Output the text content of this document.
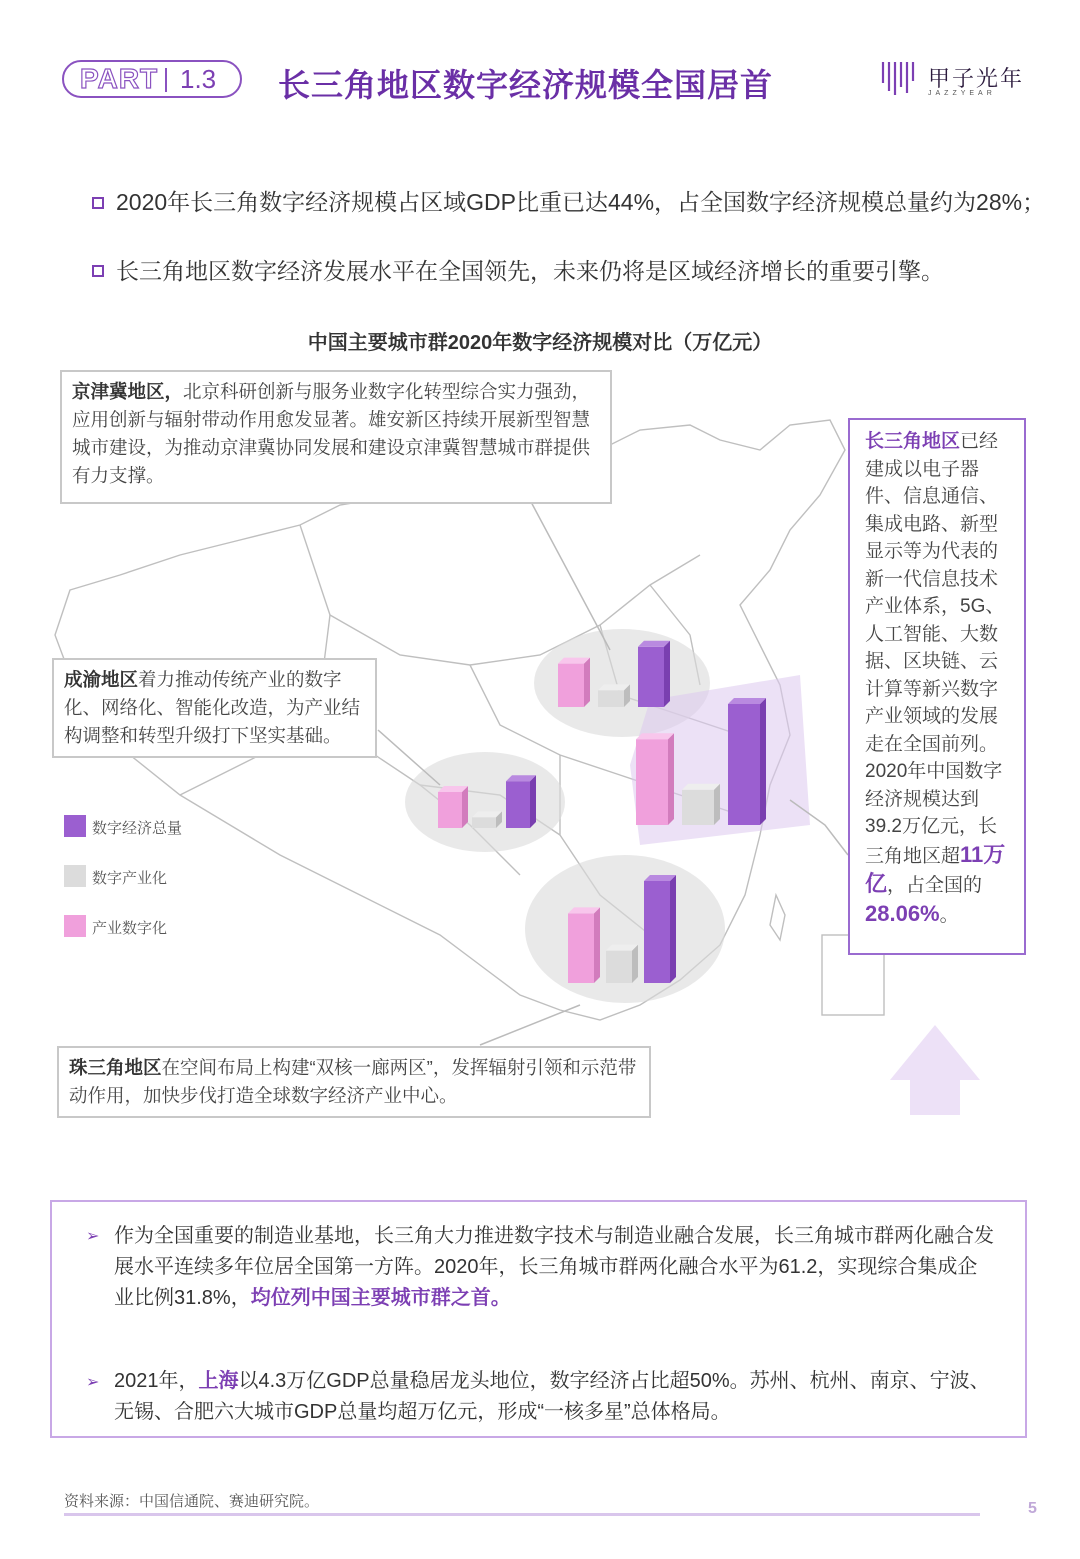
PART 1.3 长三角地区数字经济规模全国居首	甲子光年
JAZZYEAR
2020年长三角数字经济规模占区域GDP比重已达44%，占全国数字经济规模总量约为28%；
长三角地区数字经济发展水平在全国领先，未来仍将是区域经济增长的重要引擎。
中国主要城市群2020年数字经济规模对比（万亿元）
京津冀地区，北京科研创新与服务业数字化转型综合实力强劲，应用创新与辐射带动作用愈发显著。雄安新区持续开展新型智慧城市建设，为推动京津冀协同发展和建设京津冀智慧城市群提供有力支撑。
成渝地区着力推动传统产业的数字化、网络化、智能化改造，为产业结构调整和转型升级打下坚实基础。
珠三角地区在空间布局上构建“双核一廊两区”，发挥辐射引领和示范带动作用，加快步伐打造全球数字经济产业中心。
长三角地区已经建成以电子器件、信息通信、集成电路、新型显示等为代表的新一代信息技术产业体系，5G、人工智能、大数据、区块链、云计算等新兴数字产业领域的发展走在全国前列。2020年中国数字经济规模达到39.2万亿元，长三角地区超11万亿，占全国的28.06%。
数字经济总量
数字产业化
产业数字化
➢ 作为全国重要的制造业基地，长三角大力推进数字技术与制造业融合发展，长三角城市群两化融合发展水平连续多年位居全国第一方阵。2020年，长三角城市群两化融合水平为61.2，实现综合集成企业比例31.8%，均位列中国主要城市群之首。
➢ 2021年，上海以4.3万亿GDP总量稳居龙头地位，数字经济占比超50%。苏州、杭州、南京、宁波、无锡、合肥六大城市GDP总量均超万亿元，形成“一核多星”总体格局。
资料来源：中国信通院、赛迪研究院。	5
